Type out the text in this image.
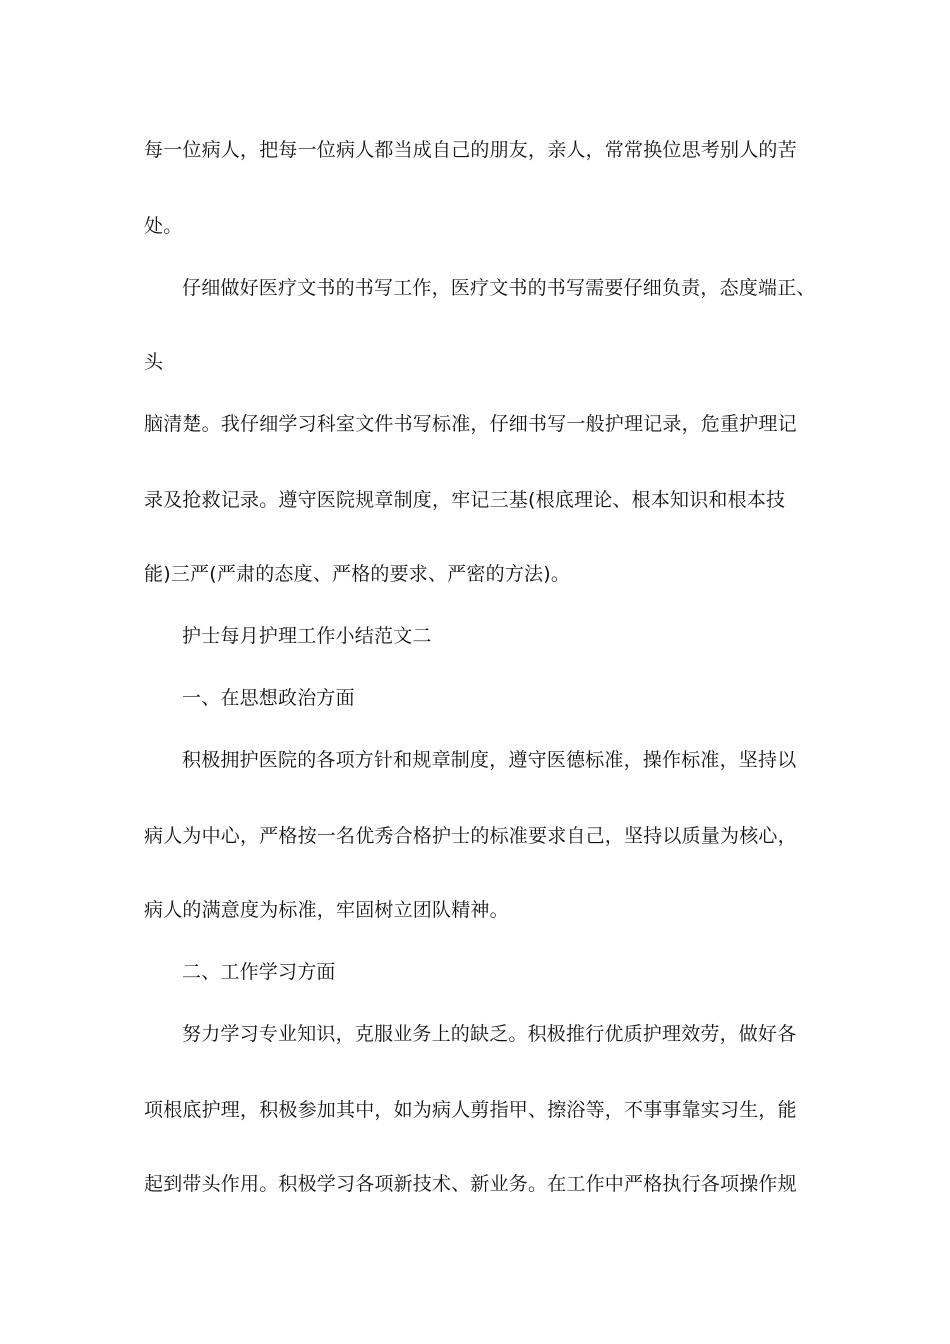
每一位病人，把每一位病人都当成自己的朋友，亲人，常常换位思考别人的苦
处。
仔细做好医疗文书的书写工作，医疗文书的书写需要仔细负责，态度端正、
头
脑清楚。我仔细学习科室文件书写标准，仔细书写一般护理记录，危重护理记
录及抢救记录。遵守医院规章制度，牢记三基(根底理论、根本知识和根本技
能)三严(严肃的态度、严格的要求、严密的方法)。
护士每月护理工作小结范文二
一、在思想政治方面
积极拥护医院的各项方针和规章制度，遵守医德标准，操作标准，坚持以
病人为中心，严格按一名优秀合格护士的标准要求自己，坚持以质量为核心，
病人的满意度为标准，牢固树立团队精神。
二、工作学习方面
努力学习专业知识，克服业务上的缺乏。积极推行优质护理效劳，做好各
项根底护理，积极参加其中，如为病人剪指甲、擦浴等，不事事靠实习生，能
起到带头作用。积极学习各项新技术、新业务。在工作中严格执行各项操作规
